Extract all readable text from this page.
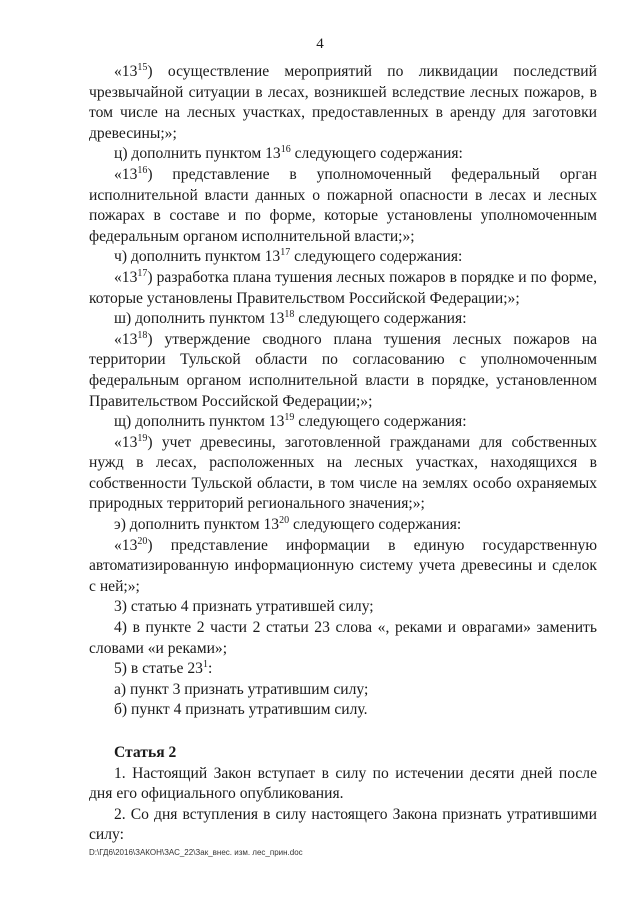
4

«$13^{15}$) осуществление мероприятий по ликвидации последствий чрезвычайной ситуации в лесах, возникшей вследствие лесных пожаров, в том числе на лесных участках, предоставленных в аренду для заготовки древесины;»;

ц) дополнить пунктом $13^{16}$ следующего содержания:

«$13^{16}$) представление в уполномоченный федеральный орган исполнительной власти данных о пожарной опасности в лесах и лесных пожарах в составе и по форме, которые установлены уполномоченным федеральным органом исполнительной власти;»;

ч) дополнить пунктом $13^{17}$ следующего содержания:

«$13^{17}$) разработка плана тушения лесных пожаров в порядке и по форме, которые установлены Правительством Российской Федерации;»;

ш) дополнить пунктом $13^{18}$ следующего содержания:

«$13^{18}$) утверждение сводного плана тушения лесных пожаров на территории Тульской области по согласованию с уполномоченным федеральным органом исполнительной власти в порядке, установленном Правительством Российской Федерации;»;

щ) дополнить пунктом $13^{19}$ следующего содержания:

«$13^{19}$) учет древесины, заготовленной гражданами для собственных нужд в лесах, расположенных на лесных участках, находящихся в собственности Тульской области, в том числе на землях особо охраняемых природных территорий регионального значения;»;

э) дополнить пунктом $13^{20}$ следующего содержания:

«$13^{20}$) представление информации в единую государственную автоматизированную информационную систему учета древесины и сделок с ней;»;

3) статью 4 признать утратившей силу;

4) в пункте 2 части 2 статьи 23 слова «, реками и оврагами» заменить словами «и реками»;

5) в статье $23^1$:

а) пункт 3 признать утратившим силу;

б) пункт 4 признать утратившим силу.

Статья 2

1. Настоящий Закон вступает в силу по истечении десяти дней после дня его официального опубликования.

2. Со дня вступления в силу настоящего Закона признать утратившими силу:

D:\ГД6\2016\ЗАКОН\ЗАС_22\Зак_внес. изм. лес_прин.doc
